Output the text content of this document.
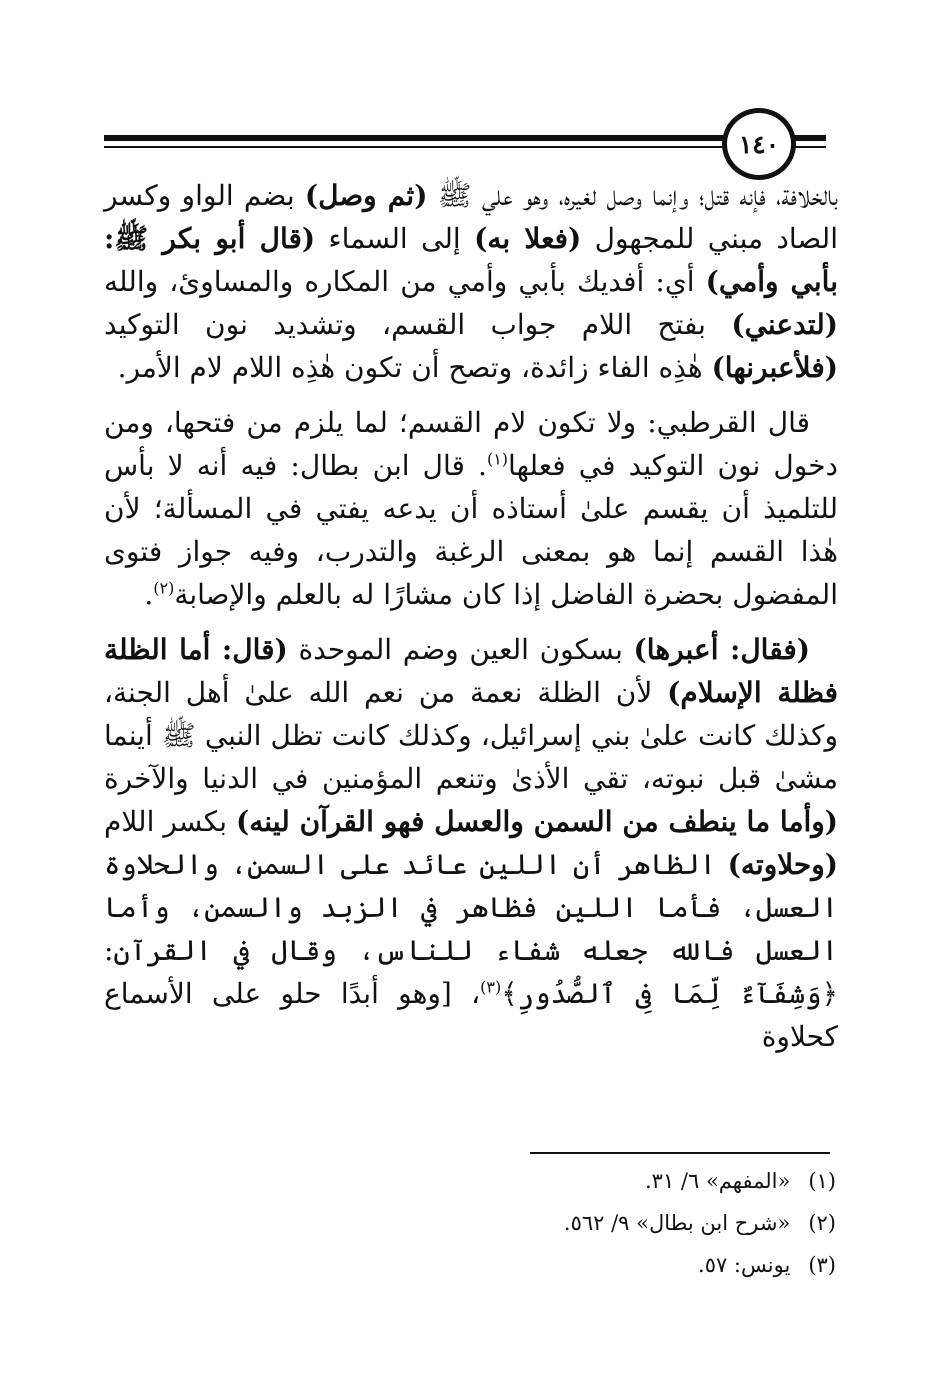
١٤٠

بالخلافة، فإنه قتل؛ وإنما وصل لغيره، وهو علي ﷺ (ثم وصل) بضم الواو وكسر الصاد مبني للمجهول (فعلا به) إلى السماء (قال أبو بكر ﷺ: بأبي وأمي) أي: أفديك بأبي وأمي من المكاره والمساوئ، والله (لتدعني) بفتح اللام جواب القسم، وتشديد نون التوكيد (فلأعبرنها) هٰذِه الفاء زائدة، وتصح أن تكون هٰذِه اللام لام الأمر.

قال القرطبي: ولا تكون لام القسم؛ لما يلزم من فتحها، ومن دخول نون التوكيد في فعلها$^{(١)}$. قال ابن بطال: فيه أنه لا بأس للتلميذ أن يقسم علىٰ أستاذه أن يدعه يفتي في المسألة؛ لأن هٰذا القسم إنما هو بمعنى الرغبة والتدرب، وفيه جواز فتوى المفضول بحضرة الفاضل إذا كان مشارًا له بالعلم والإصابة$^{(٢)}$.

(فقال: أعبرها) بسكون العين وضم الموحدة (قال: أما الظلة فظلة الإسلام) لأن الظلة نعمة من نعم الله علىٰ أهل الجنة، وكذلك كانت علىٰ بني إسرائيل، وكذلك كانت تظل النبي ﷺ أينما مشىٰ قبل نبوته، تقي الأذىٰ وتنعم المؤمنين في الدنيا والآخرة (وأما ما ينطف من السمن والعسل فهو القرآن لينه) بكسر اللام (وحلاوته) الظاهر أن اللين عائد على السمن، والحلاوة العسل، فأما اللين فظاهر في الزبد والسمن، وأما العسل فالله جعله شفاء للناس، وقال في القرآن: ﴿وَشِفَآءٌ لِّمَا فِى ٱلصُّدُورِ﴾$^{(٣)}$، [وهو أبدًا حلو على الأسماع كحلاوة

(١)
«المفهم» ٦/ ٣١.
(٢)
«شرح ابن بطال» ٩/ ٥٦٢.
(٣)
يونس: ٥٧.
